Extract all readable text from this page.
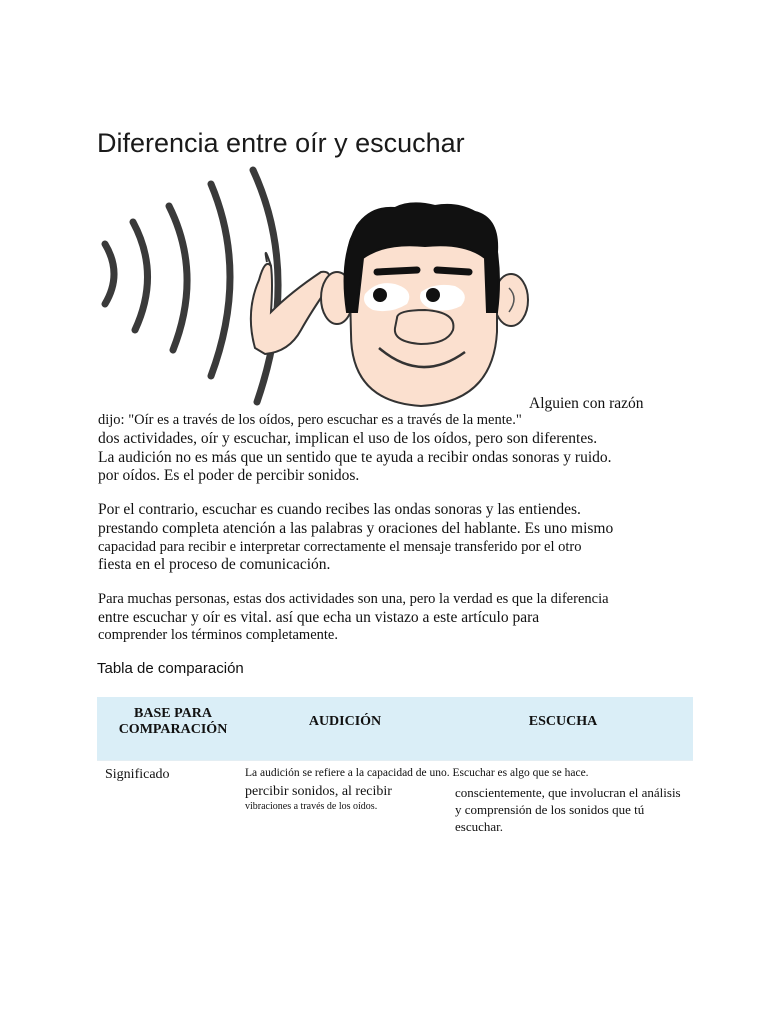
Diferencia entre oír y escuchar
Alguien con razón
dijo: "Oír es a través de los oídos, pero escuchar es a través de la mente."
dos actividades, oír y escuchar, implican el uso de los oídos, pero son diferentes.
La audición no es más que un sentido que te ayuda a recibir ondas sonoras y ruido.
por oídos. Es el poder de percibir sonidos.
Por el contrario, escuchar es cuando recibes las ondas sonoras y las entiendes.
prestando completa atención a las palabras y oraciones del hablante. Es uno mismo
capacidad para recibir e interpretar correctamente el mensaje transferido por el otro
fiesta en el proceso de comunicación.
Para muchas personas, estas dos actividades son una, pero la verdad es que la diferencia
entre escuchar y oír es vital. así que echa un vistazo a este artículo para
comprender los términos completamente.
Tabla de comparación
BASE PARA
COMPARACIÓN
AUDICIÓN	ESCUCHA
Significado	La audición se refiere a la capacidad de uno. Escuchar es algo que se hace.
percibir sonidos, al recibir
vibraciones a través de los oídos.
conscientemente, que involucran el análisis
y comprensión de los sonidos que tú
escuchar.
